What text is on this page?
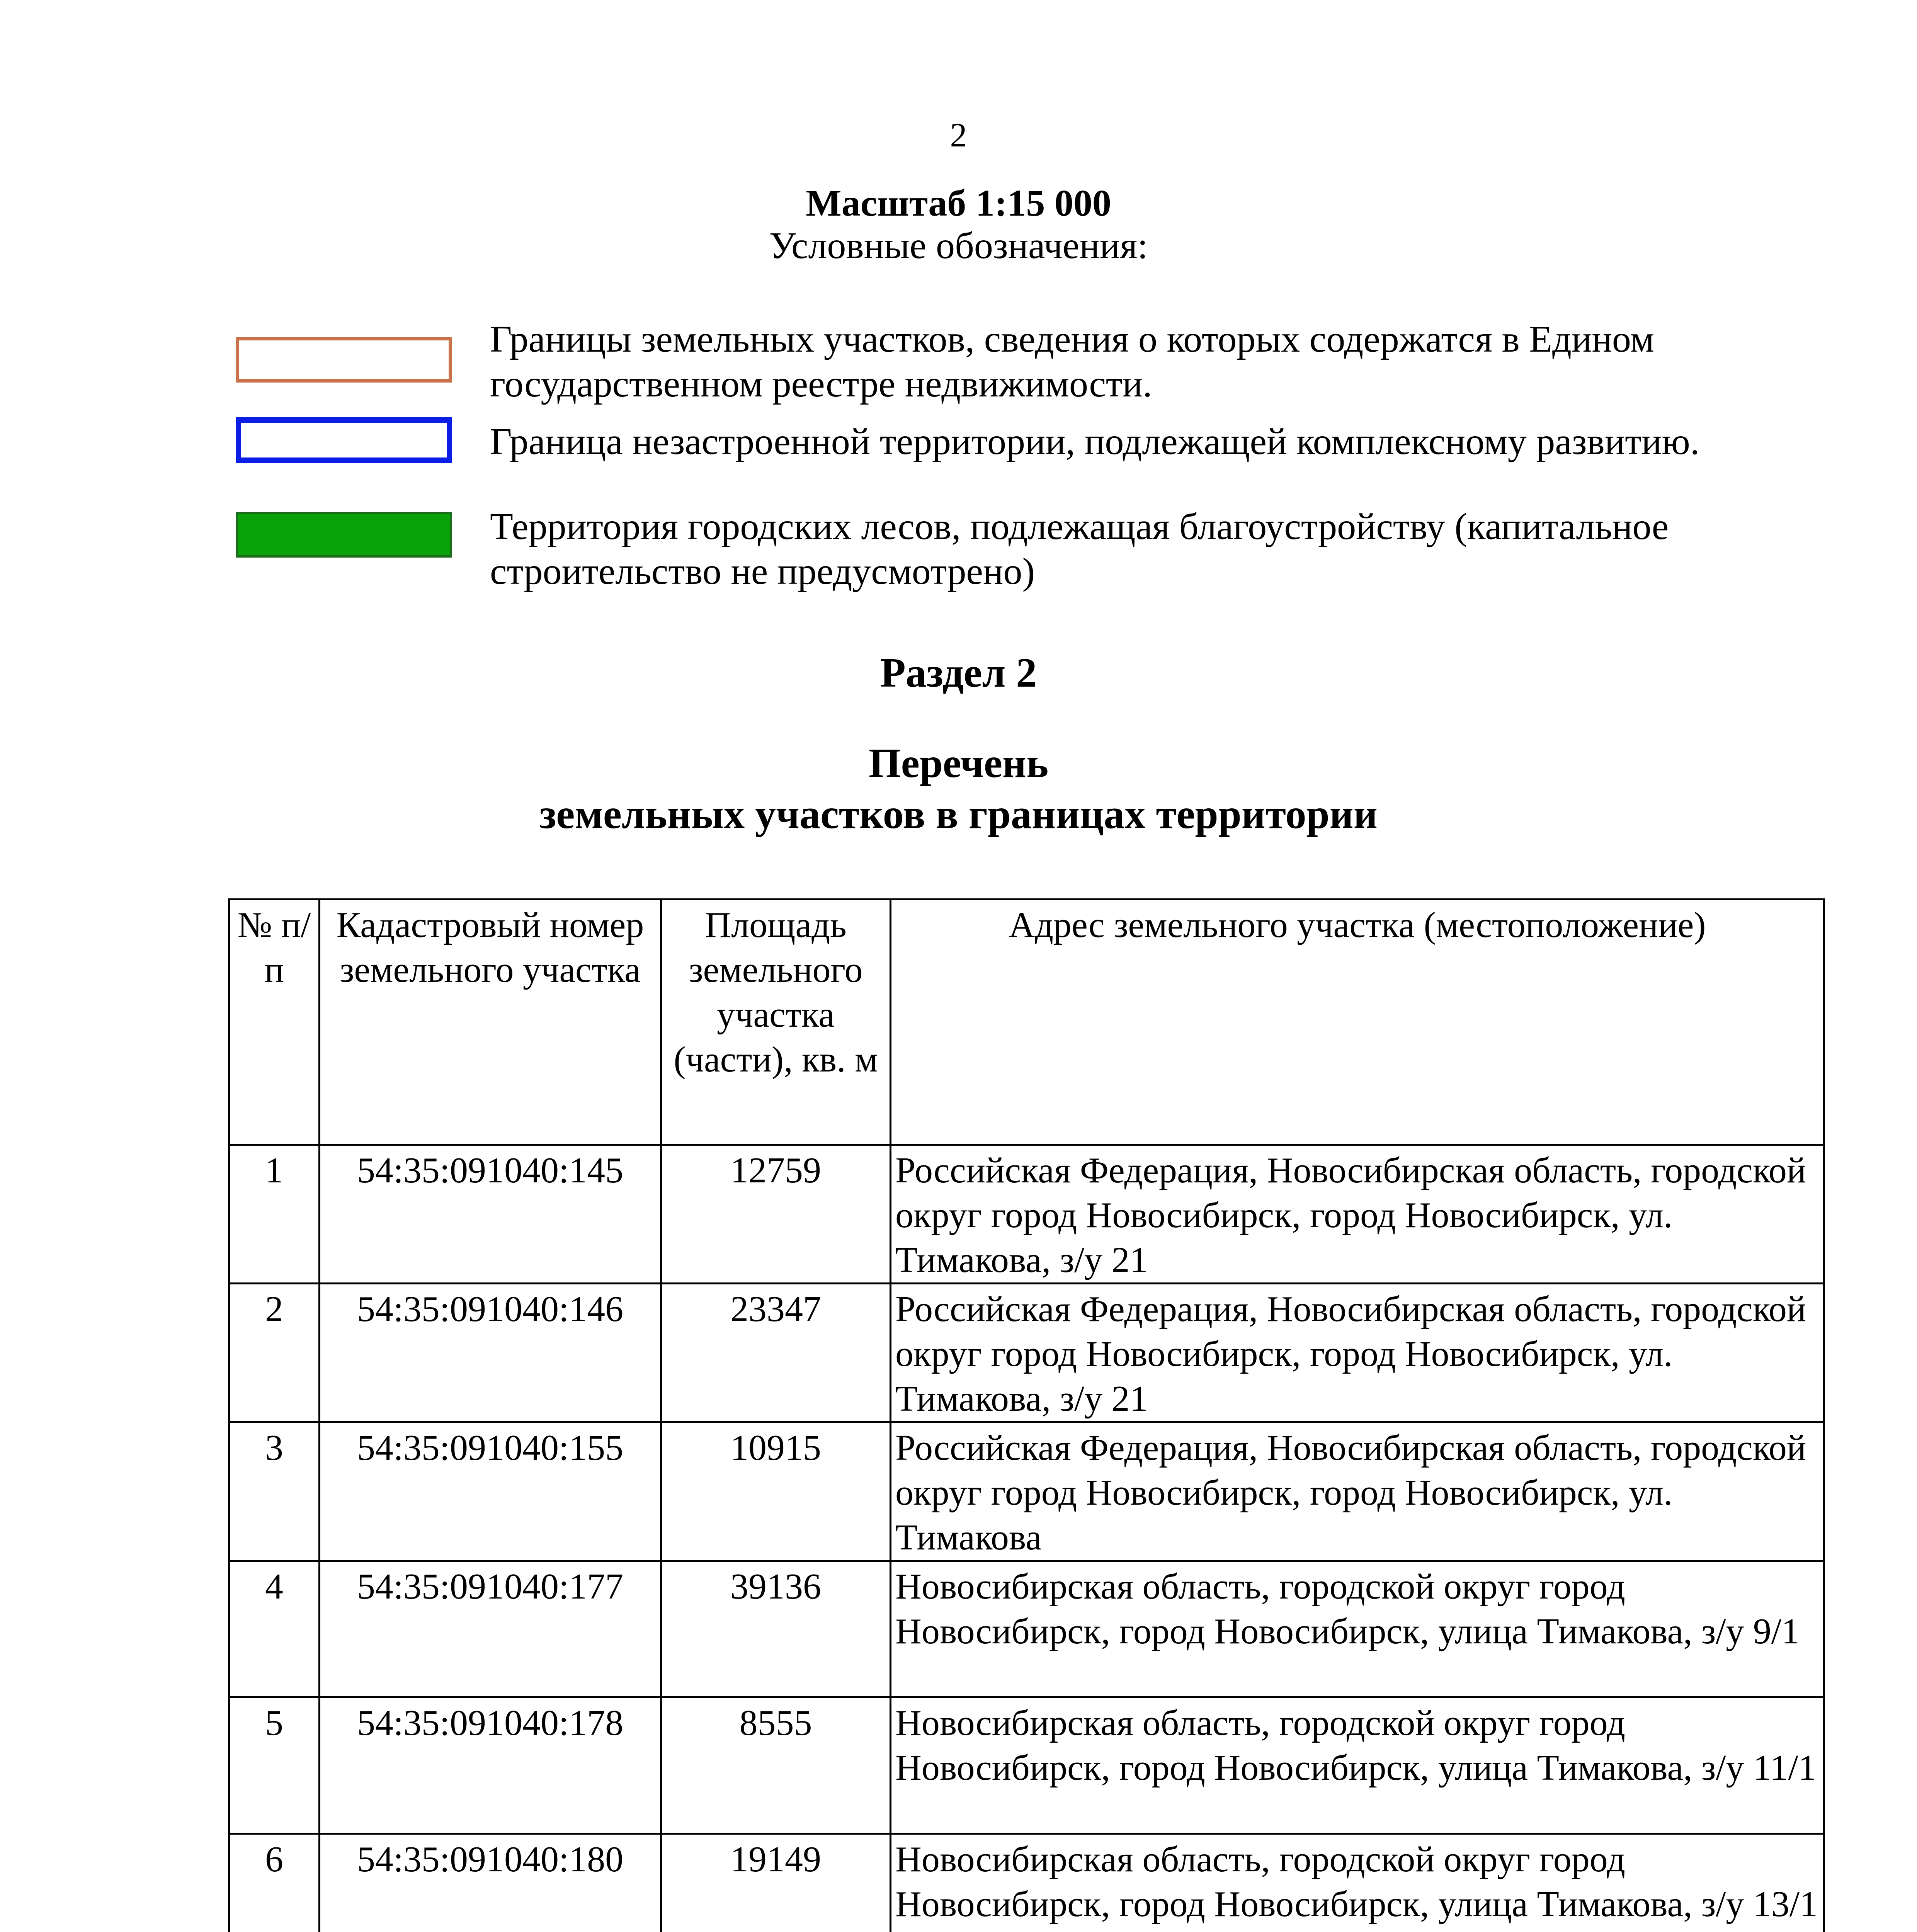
2
Масштаб 1:15 000
Условные обозначения:
Границы земельных участков, сведения о которых содержатся в Едином государственном реестре недвижимости.
Граница незастроенной территории, подлежащей комплексному развитию.
Территория городских лесов, подлежащая благоустройству (капитальное строительство не предусмотрено)
Раздел 2
Перечень
земельных участков в границах территории
№ п/п	Кадастровый номер земельного участка	Площадь земельного участка (части), кв. м	Адрес земельного участка (местоположение)
1	54:35:091040:145	12759	Российская Федерация, Новосибирская область, городской округ город Новосибирск, город Новосибирск, ул. Тимакова, з/у 21
2	54:35:091040:146	23347	Российская Федерация, Новосибирская область, городской округ город Новосибирск, город Новосибирск, ул. Тимакова, з/у 21
3	54:35:091040:155	10915	Российская Федерация, Новосибирская область, городской округ город Новосибирск, город Новосибирск, ул. Тимакова
4	54:35:091040:177	39136	Новосибирская область, городской округ город Новосибирск, город Новосибирск, улица Тимакова, з/у 9/1
5	54:35:091040:178	8555	Новосибирская область, городской округ город Новосибирск, город Новосибирск, улица Тимакова, з/у 11/1
6	54:35:091040:180	19149	Новосибирская область, городской округ город Новосибирск, город Новосибирск, улица Тимакова, з/у 13/1
